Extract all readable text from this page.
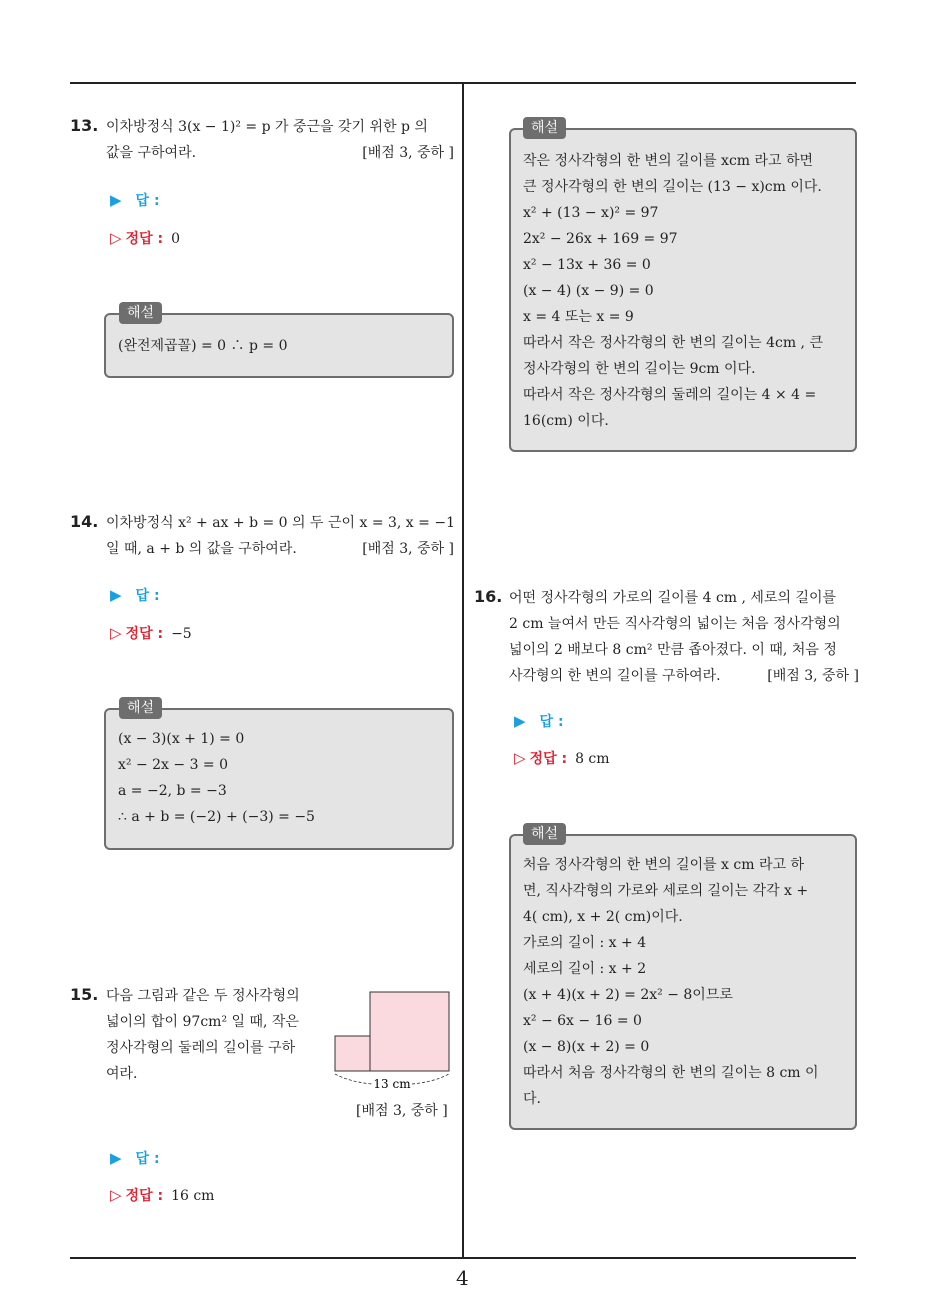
4
13. 이차방정식 3(x − 1)² = p 가 중근을 갖기 위한 p 의
값을 구하여라.	[배점 3, 중하 ]
▶ 답 :
▷ 정답 : 0
(완전제곱꼴) = 0 ∴ p = 0
해설
14. 이차방정식 x² + ax + b = 0 의 두 근이 x = 3, x = −1
일 때, a + b 의 값을 구하여라.	[배점 3, 중하 ]
▶ 답 :
▷ 정답 : −5
(x − 3)(x + 1) = 0
x² − 2x − 3 = 0
a = −2, b = −3
∴ a + b = (−2) + (−3) = −5
해설
15. 다음 그림과 같은 두 정사각형의
넓이의 합이 97cm² 일 때, 작은
정사각형의 둘레의 길이를 구하
여라.
13 cm
[배점 3, 중하 ]
▶ 답 :
▷ 정답 : 16 cm
작은 정사각형의 한 변의 길이를 xcm 라고 하면
큰 정사각형의 한 변의 길이는 (13 − x)cm 이다.
x² + (13 − x)² = 97
2x² − 26x + 169 = 97
x² − 13x + 36 = 0
(x − 4) (x − 9) = 0
x = 4 또는 x = 9
따라서 작은 정사각형의 한 변의 길이는 4cm , 큰
정사각형의 한 변의 길이는 9cm 이다.
따라서 작은 정사각형의 둘레의 길이는 4 × 4 =
16(cm) 이다.
해설
16. 어떤 정사각형의 가로의 길이를 4 cm , 세로의 길이를
2 cm 늘여서 만든 직사각형의 넓이는 처음 정사각형의
넓이의 2 배보다 8 cm² 만큼 좁아졌다. 이 때, 처음 정
사각형의 한 변의 길이를 구하여라.	[배점 3, 중하 ]
▶ 답 :
▷ 정답 : 8 cm
처음 정사각형의 한 변의 길이를 x cm 라고 하
면, 직사각형의 가로와 세로의 길이는 각각 x +
4( cm), x + 2( cm)이다.
가로의 길이 : x + 4
세로의 길이 : x + 2
(x + 4)(x + 2) = 2x² − 8이므로
x² − 6x − 16 = 0
(x − 8)(x + 2) = 0
따라서 처음 정사각형의 한 변의 길이는 8 cm 이
다.
해설
